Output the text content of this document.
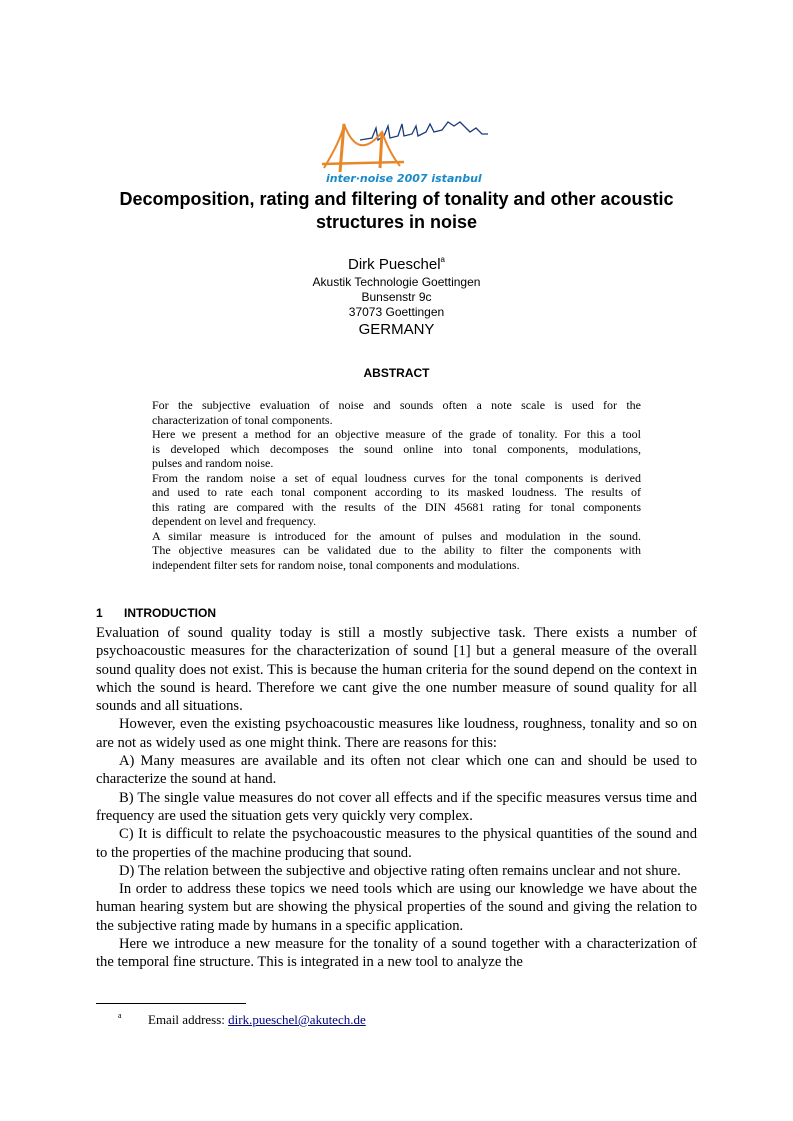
inter·noise 2007 istanbul
Decomposition, rating and filtering of tonality and other acoustic
structures in noise
Dirk Pueschel$^a$
Akustik Technologie Goettingen
Bunsenstr 9c
37073 Goettingen
GERMANY
ABSTRACT

For the subjective evaluation of noise and sounds often a note scale is used for the

characterization of tonal components.

Here we present a method for an objective measure of the grade of tonality. For this a tool

is developed which decomposes the sound online into tonal components, modulations,

pulses and random noise.

From the random noise a set of equal loudness curves for the tonal components is derived

and used to rate each tonal component according to its masked loudness. The results of

this rating are compared with the results of the DIN 45681 rating for tonal components

dependent on level and frequency.

A similar measure is introduced for the amount of pulses and modulation in the sound.

The objective measures can be validated due to the ability to filter the components with

independent filter sets for random noise, tonal components and modulations.

1 INTRODUCTION

Evaluation of sound quality today is still a mostly subjective task. There exists a number of psychoacoustic measures for the characterization of sound [1] but a general measure of the overall sound quality does not exist. This is because the human criteria for the sound depend on the context in which the sound is heard. Therefore we cant give the one number measure of sound quality for all sounds and all situations.

However, even the existing psychoacoustic measures like loudness, roughness, tonality and so on are not as widely used as one might think. There are reasons for this:

A) Many measures are available and its often not clear which one can and should be used to characterize the sound at hand.

B) The single value measures do not cover all effects and if the specific measures versus time and frequency are used the situation gets very quickly very complex.

C) It is difficult to relate the psychoacoustic measures to the physical quantities of the sound and to the properties of the machine producing that sound.

D) The relation between the subjective and objective rating often remains unclear and not shure.

In order to address these topics we need tools which are using our knowledge we have about the human hearing system but are showing the physical properties of the sound and giving the relation to the subjective rating made by humans in a specific application.

Here we introduce a new measure for the tonality of a sound together with a characterization of the temporal fine structure. This is integrated in a new tool to analyze the

a Email address: dirk.pueschel@akutech.de
